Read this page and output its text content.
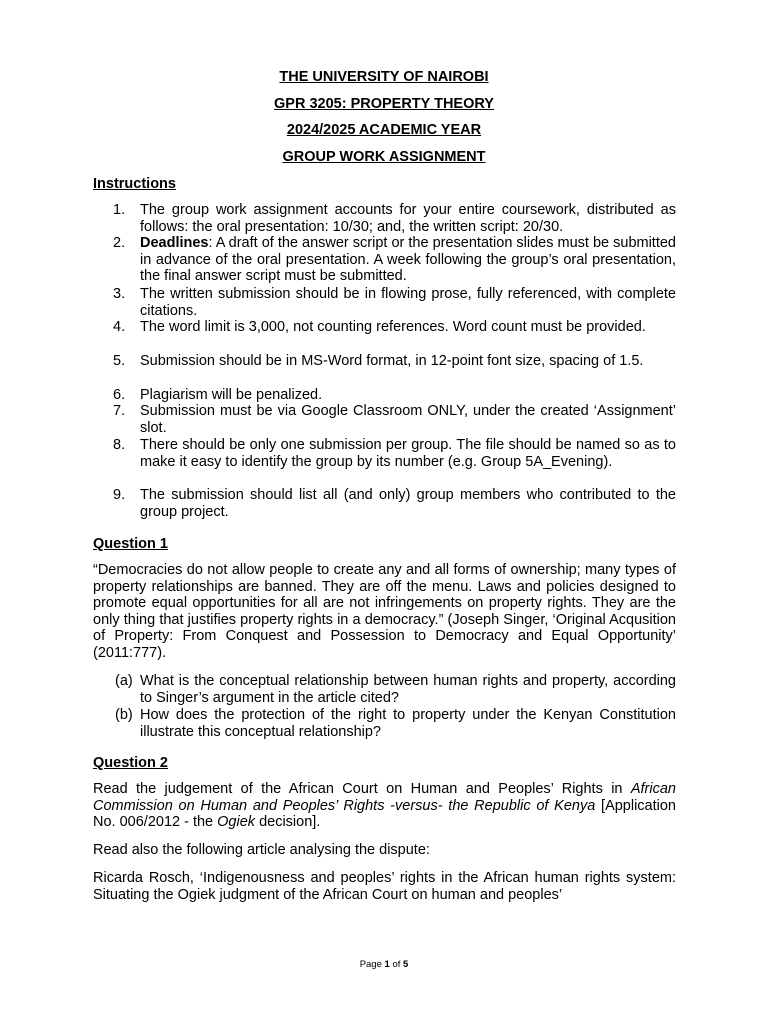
THE UNIVERSITY OF NAIROBI
GPR 3205: PROPERTY THEORY
2024/2025 ACADEMIC YEAR
GROUP WORK ASSIGNMENT
Instructions
1.	The group work assignment accounts for your entire coursework, distributed as follows: the oral presentation: 10/30; and, the written script: 20/30.
2.	Deadlines: A draft of the answer script or the presentation slides must be submitted in advance of the oral presentation. A week following the group’s oral presentation, the final answer script must be submitted.
3.	The written submission should be in flowing prose, fully referenced, with complete citations.
4.	The word limit is 3,000, not counting references. Word count must be provided.
5.	Submission should be in MS-Word format, in 12-point font size, spacing of 1.5.
6.	Plagiarism will be penalized.
7.	Submission must be via Google Classroom ONLY, under the created ‘Assignment’ slot.
8.	There should be only one submission per group. The file should be named so as to make it easy to identify the group by its number (e.g. Group 5A_Evening).
9.	The submission should list all (and only) group members who contributed to the group project.
Question 1
“Democracies do not allow people to create any and all forms of ownership; many types of property relationships are banned. They are off the menu. Laws and policies designed to promote equal opportunities for all are not infringements on property rights. They are the only thing that justifies property rights in a democracy.” (Joseph Singer, ‘Original Acqusition of Property: From Conquest and Possession to Democracy and Equal Opportunity’ (2011:777).
(a) What is the conceptual relationship between human rights and property, according to Singer’s argument in the article cited?
(b) How does the protection of the right to property under the Kenyan Constitution illustrate this conceptual relationship?
Question 2
Read the judgement of the African Court on Human and Peoples’ Rights in African Commission on Human and Peoples’ Rights -versus- the Republic of Kenya [Application No. 006/2012 - the Ogiek decision].
Read also the following article analysing the dispute:
Ricarda Rosch, ‘Indigenousness and peoples’ rights in the African human rights system: Situating the Ogiek judgment of the African Court on human and peoples’
Page 1 of 5
